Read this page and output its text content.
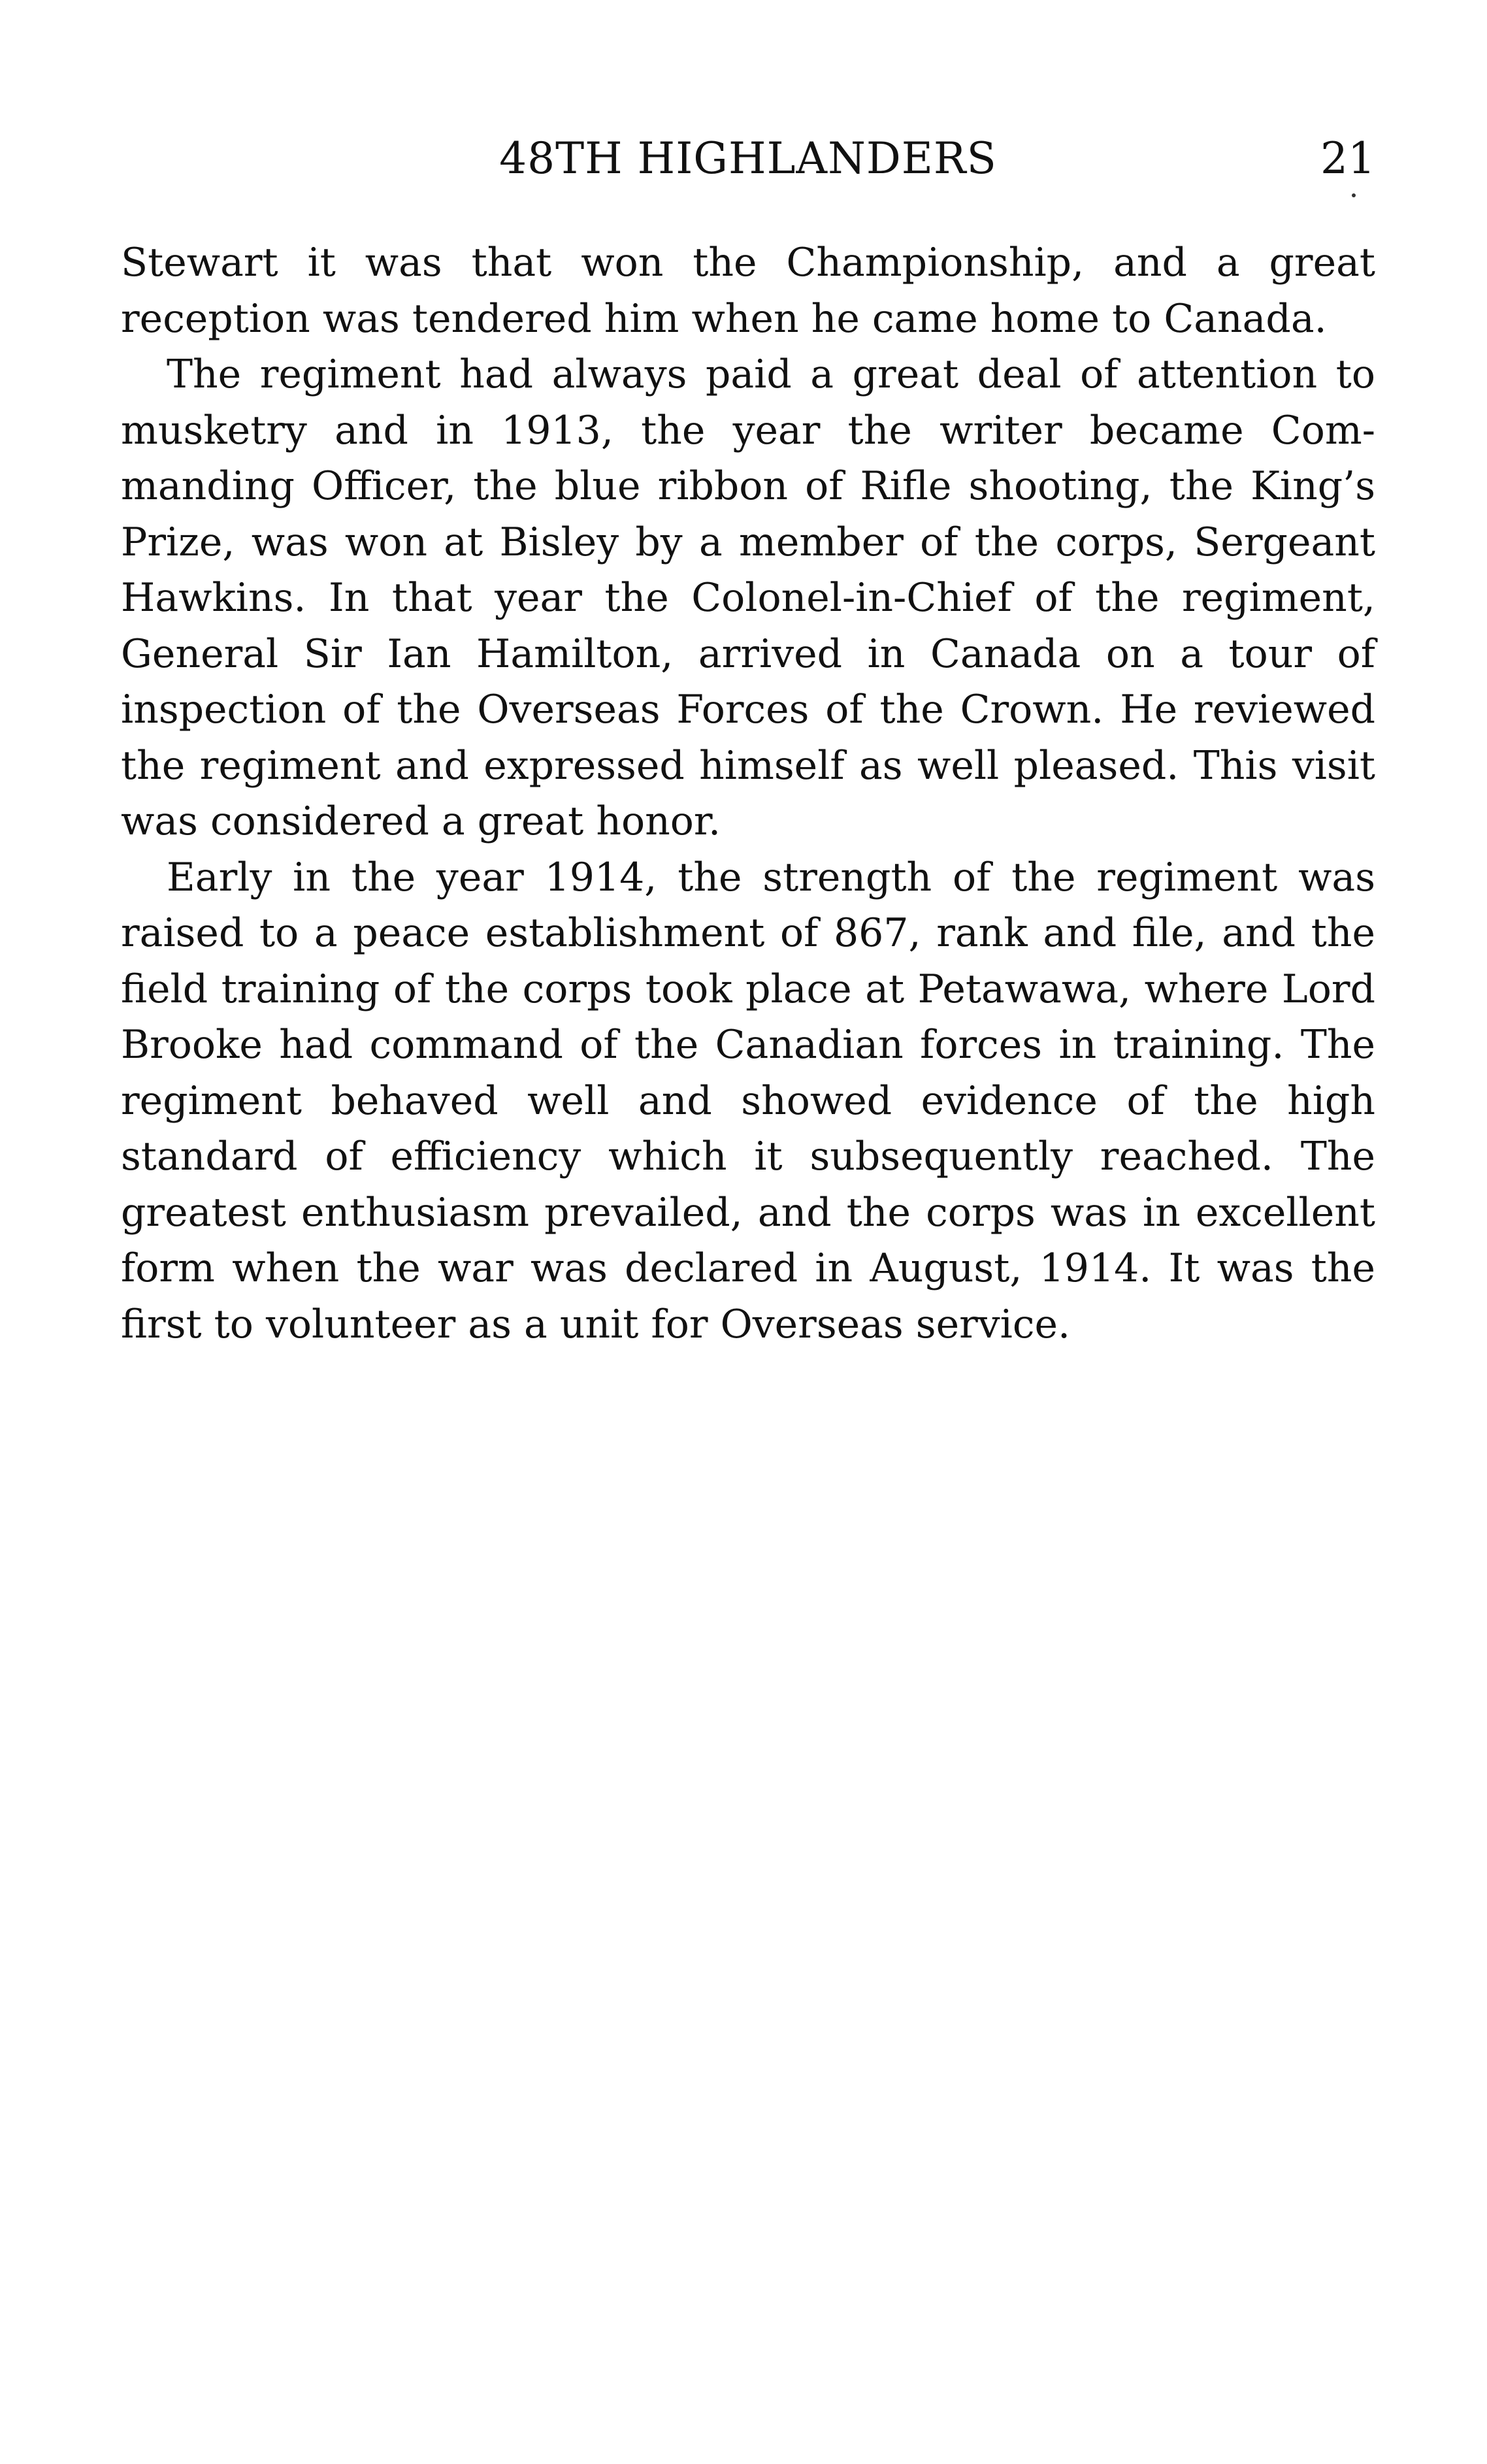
48TH HIGHLANDERS	21

Stewart it was that won the Championship, and a great reception was tendered him when he came home to Canada.

The regiment had always paid a great deal of attention to musketry and in 1913, the year the writer became Commanding Officer, the blue ribbon of Rifle shooting, the King’s Prize, was won at Bisley by a member of the corps, Sergeant Hawkins. In that year the Colonel-in-Chief of the regiment, General Sir Ian Hamilton, arrived in Canada on a tour of inspection of the Overseas Forces of the Crown. He reviewed the regiment and expressed himself as well pleased. This visit was considered a great honor.

Early in the year 1914, the strength of the regiment was raised to a peace establishment of 867, rank and file, and the field training of the corps took place at Petawawa, where Lord Brooke had command of the Canadian forces in training. The regiment behaved well and showed evidence of the high standard of efficiency which it subsequently reached. The greatest enthusiasm prevailed, and the corps was in excellent form when the war was declared in August, 1914. It was the first to volunteer as a unit for Overseas service.
